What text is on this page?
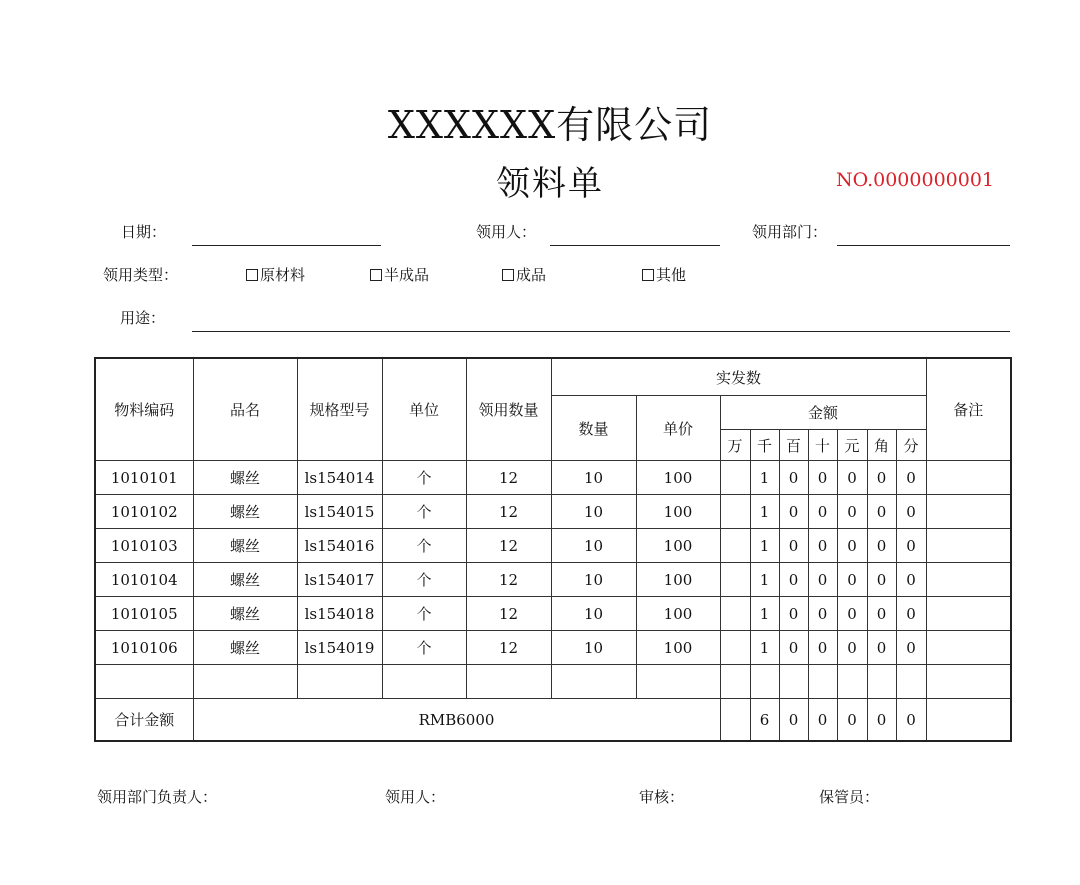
XXXXXX有限公司
领料单	NO.0000000001
日期：	领用人：	领用部门：
领用类型：	原材料	半成品	成品	其他
用途：
物料编码	品名	规格型号	单位	领用数量	实发数									备注
					数量	单价	金额							
							万	千	百	十	元	角	分	
1010101	螺丝	ls154014	个	12	10	100		1	0	0	0	0	0	
1010102	螺丝	ls154015	个	12	10	100		1	0	0	0	0	0	
1010103	螺丝	ls154016	个	12	10	100		1	0	0	0	0	0	
1010104	螺丝	ls154017	个	12	10	100		1	0	0	0	0	0	
1010105	螺丝	ls154018	个	12	10	100		1	0	0	0	0	0	
1010106	螺丝	ls154019	个	12	10	100		1	0	0	0	0	0	

合计金额	RMB6000							6	0	0	0	0	0	
领用部门负责人：	领用人：	审核：	保管员：
